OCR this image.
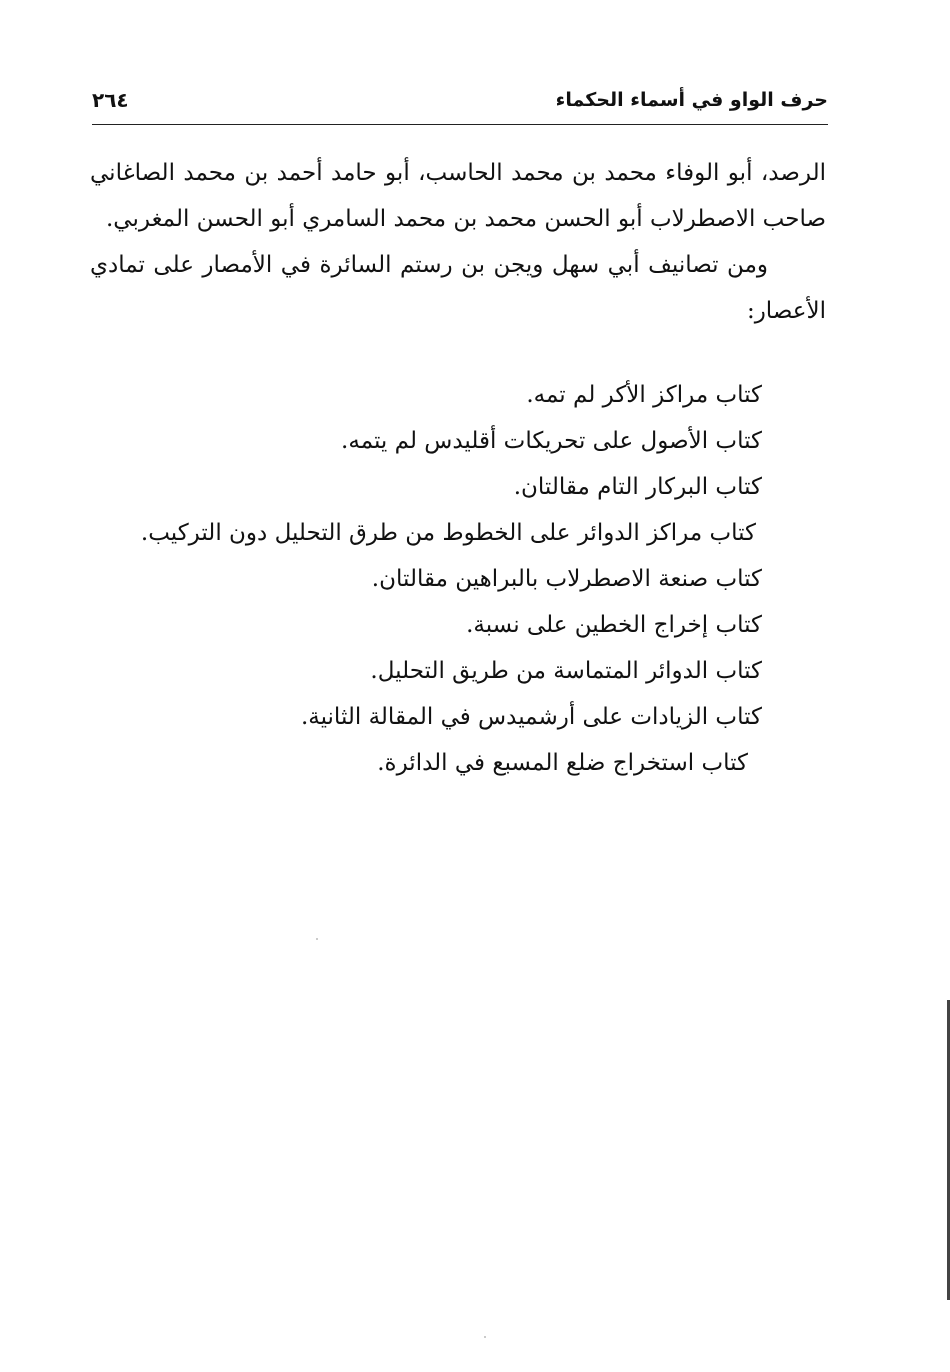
حرف الواو في أسماء الحكماء
٢٦٤

الرصد، أبو الوفاء محمد بن محمد الحاسب، أبو حامد أحمد بن محمد الصاغاني صاحب الاصطرلاب أبو الحسن محمد بن محمد السامري أبو الحسن المغربي.

ومن تصانيف أبي سهل ويجن بن رستم السائرة في الأمصار على تمادي الأعصار:

كتاب مراكز الأكر لم تمه.
كتاب الأصول على تحريكات أقليدس لم يتمه.
كتاب البركار التام مقالتان.
كتاب مراكز الدوائر على الخطوط من طرق التحليل دون التركيب.
كتاب صنعة الاصطرلاب بالبراهين مقالتان.
كتاب إخراج الخطين على نسبة.
كتاب الدوائر المتماسة من طريق التحليل.
كتاب الزيادات على أرشميدس في المقالة الثانية.
كتاب استخراج ضلع المسبع في الدائرة.
